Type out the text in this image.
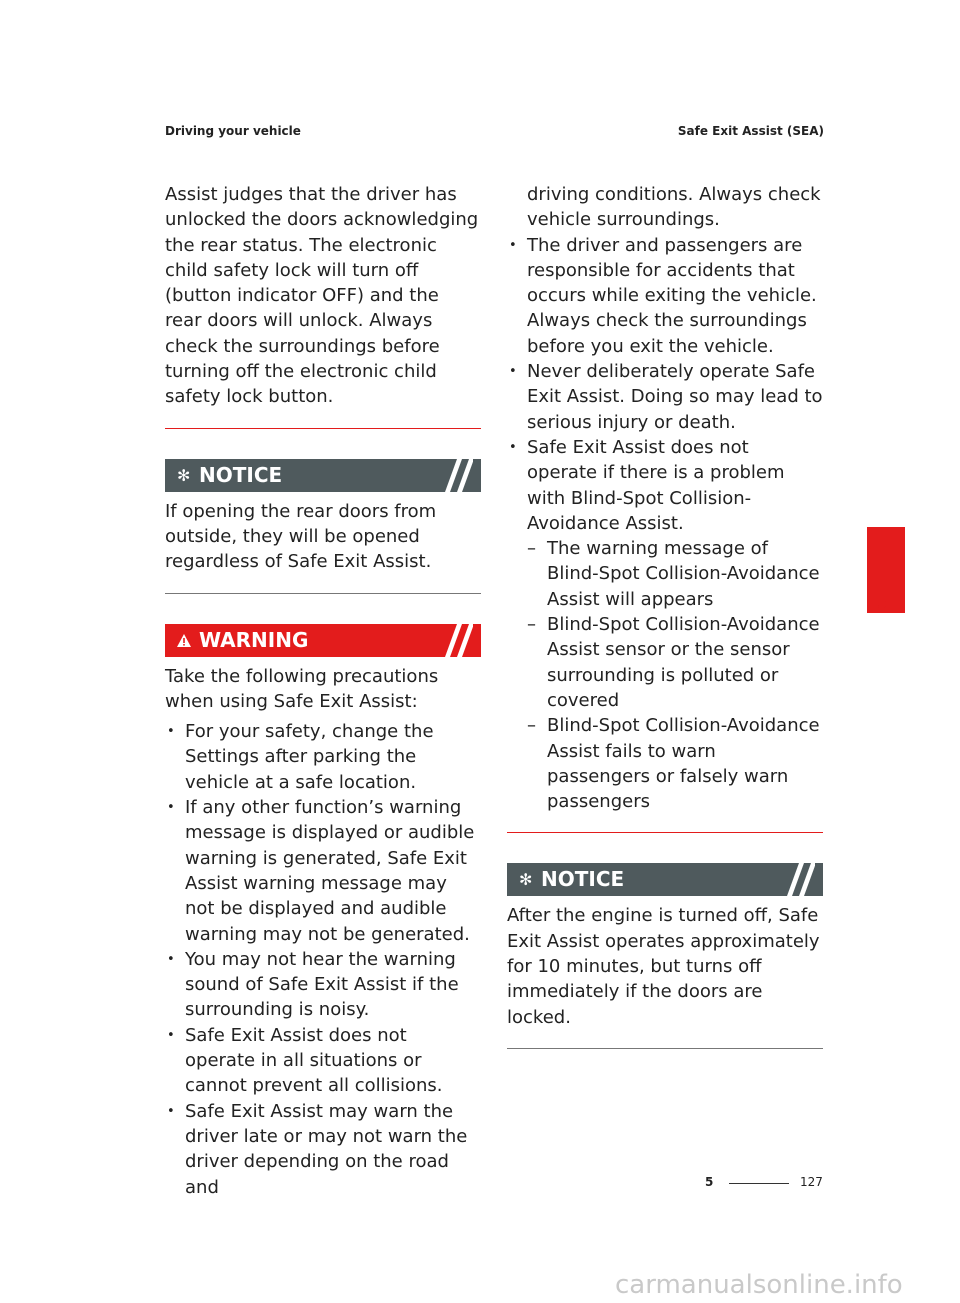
Driving your vehicle	Safe Exit Assist (SEA)

Assist judges that the driver has unlocked the doors acknowledging the rear status. The electronic child safety lock will turn off (button indicator OFF) and the rear doors will unlock. Always check the surroundings before turning off the electronic child safety lock button.

✻ NOTICE

If opening the rear doors from outside, they will be opened regardless of Safe Exit Assist.

WARNING

Take the following precautions when using Safe Exit Assist:

• For your safety, change the Settings after parking the vehicle at a safe location.
• If any other function’s warning message is displayed or audible warning is generated, Safe Exit Assist warning message may not be displayed and audible warning may not be generated.
• You may not hear the warning sound of Safe Exit Assist if the surrounding is noisy.
• Safe Exit Assist does not operate in all situations or cannot prevent all collisions.
• Safe Exit Assist may warn the driver late or may not warn the driver depending on the road and

driving conditions. Always check vehicle surroundings.

• The driver and passengers are responsible for accidents that occurs while exiting the vehicle. Always check the surroundings before you exit the vehicle.
• Never deliberately operate Safe Exit Assist. Doing so may lead to serious injury or death.
• Safe Exit Assist does not operate if there is a problem with Blind-Spot Collision-Avoidance Assist.
– The warning message of Blind-Spot Collision-Avoidance Assist will appears
– Blind-Spot Collision-Avoidance Assist sensor or the sensor surrounding is polluted or covered
– Blind-Spot Collision-Avoidance Assist fails to warn passengers or falsely warn passengers
✻ NOTICE

After the engine is turned off, Safe Exit Assist operates approximately for 10 minutes, but turns off immediately if the doors are locked.

5
5	127
carmanualsonline.info
